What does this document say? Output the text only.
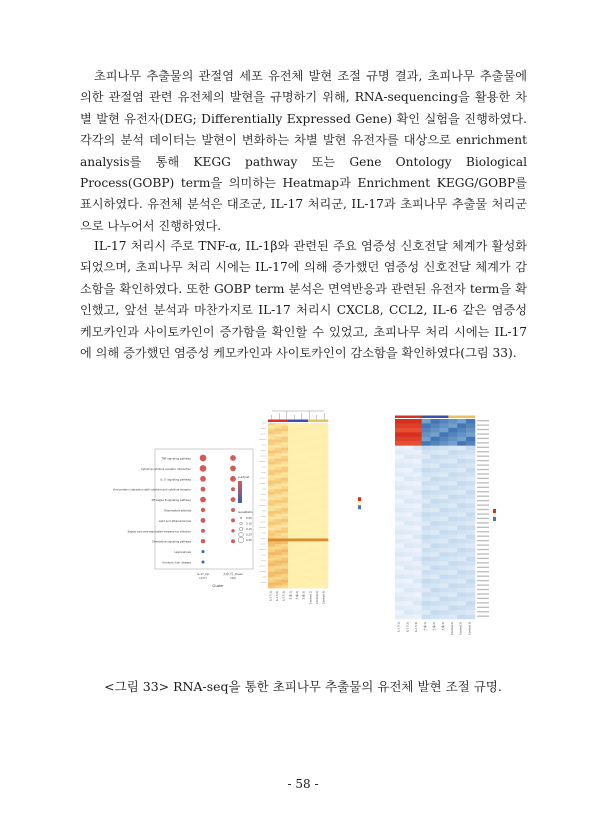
초피나무 추출물의 관절염 세포 유전체 발현 조절 규명 결과, 초피나무 추출물에 의한 관절염 관련 유전체의 발현을 규명하기 위해, RNA-sequencing을 활용한 차별 발현 유전자(DEG; Differentially Expressed Gene) 확인 실험을 진행하였다. 각각의 분석 데이터는 발현이 변화하는 차별 발현 유전자를 대상으로 enrichment analysis를 통해 KEGG pathway 또는 Gene Ontology Biological Process(GOBP) term을 의미하는 Heatmap과 Enrichment KEGG/GOBP를 표시하였다. 유전체 분석은 대조군, IL-17 처리군, IL-17과 초피나무 추출물 처리군으로 나누어서 진행하였다.

IL-17 처리시 주로 TNF-α, IL-1β와 관련된 주요 염증성 신호전달 체계가 활성화되었으며, 초피나무 처리 시에는 IL-17에 의해 증가했던 염증성 신호전달 체계가 감소함을 확인하였다. 또한 GOBP term 분석은 면역반응과 관련된 유전자 term을 확인했고, 앞선 분석과 마찬가지로 IL-17 처리시 CXCL8, CCL2, IL-6 같은 염증성 케모카인과 사이토카인이 증가함을 확인할 수 있었고, 초피나무 처리 시에는 IL-17에 의해 증가했던 염증성 케모카인과 사이토카인이 감소함을 확인하였다(그림 33).

TNF signaling pathway
Cytokine-cytokine receptor interaction
IL-17 signaling pathway
Viral protein interaction with cytokine and cytokine receptor
NF-kappa B signaling pathway
Rheumatoid arthritis
Lipid and atherosclerosis
Kaposi sarcoma-associated herpesvirus infection
Chemokine signaling pathway
Legionellosis
Alcoholic liver disease
IL-17_Up
(217)
초피나무_Down
(94)
Cluster
p.adjust
GeneRatio
0.05
0.10
0.15
0.20
0.25
IL-17(1)	IL-17(2)	IL-17(3)	초피(1)	초피(2)	초피(3)	Control(1)	Control(2)	Control(3)
IL-17(1)	IL-17(2)	IL-17(3)	초피(1)	초피(2)	초피(3)	Control(1)	Control(2)	Control(3)
<그림 33> RNA-seq을 통한 초피나무 추출물의 유전체 발현 조절 규명.
- 58 -
